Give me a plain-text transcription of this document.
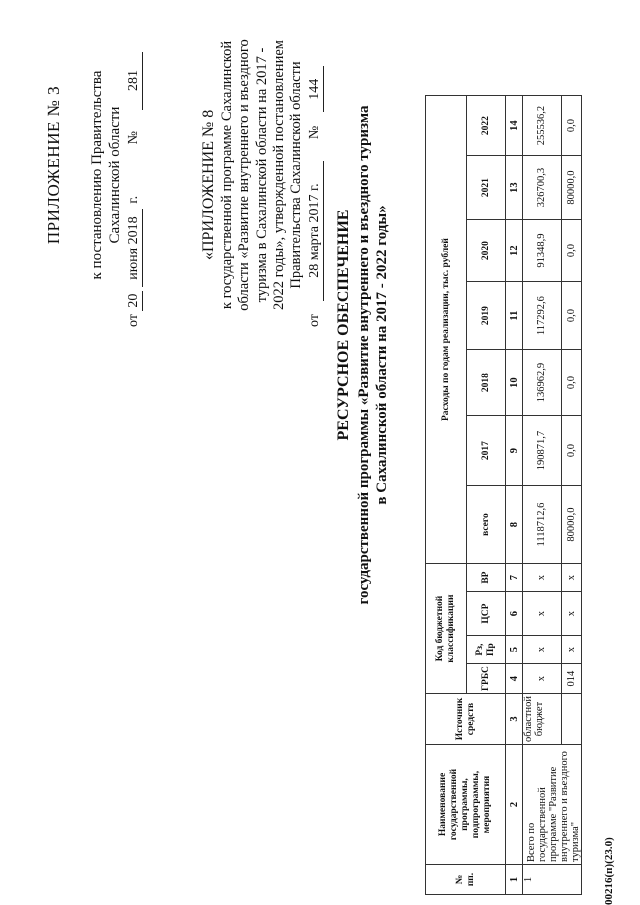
ПРИЛОЖЕНИЕ № 3 к постановлению Правительства Сахалинской области
от 20 июня 2018 г. № 281
«ПРИЛОЖЕНИЕ № 8 к государственной программе Сахалинской области «Развитие внутреннего и въездного туризма в Сахалинской области на 2017 - 2022 годы», утвержденной постановлением Правительства Сахалинской области
от 28 марта 2017 г. № 144
РЕСУРСНОЕ ОБЕСПЕЧЕНИЕ государственной программы «Развитие внутреннего и въездного туризма в Сахалинской области на 2017 - 2022 годы»
№ пп.	Наименование государственной программы, подпрограммы, мероприятия	Источник средств	Код бюджетной классификации				Расходы по годам реализации, тыс. рублей						
			ГРБС	Рз, Пр	ЦСР	ВР	всего	2017	2018	2019	2020	2021	2022
1	2	3	4	5	6	7	8	9	10	11	12	13	14
1	Всего по государственной программе "Развитие внутреннего и въездного туризма"	областной бюджет	х	х	х	х	1118712,6	190871,7	136962,9	117292,6	91348,9	326700,3	255536,2
			014	х	х	х	80000,0	0,0	0,0	0,0	0,0	80000,0	0,0
00216(п)(23.0)
